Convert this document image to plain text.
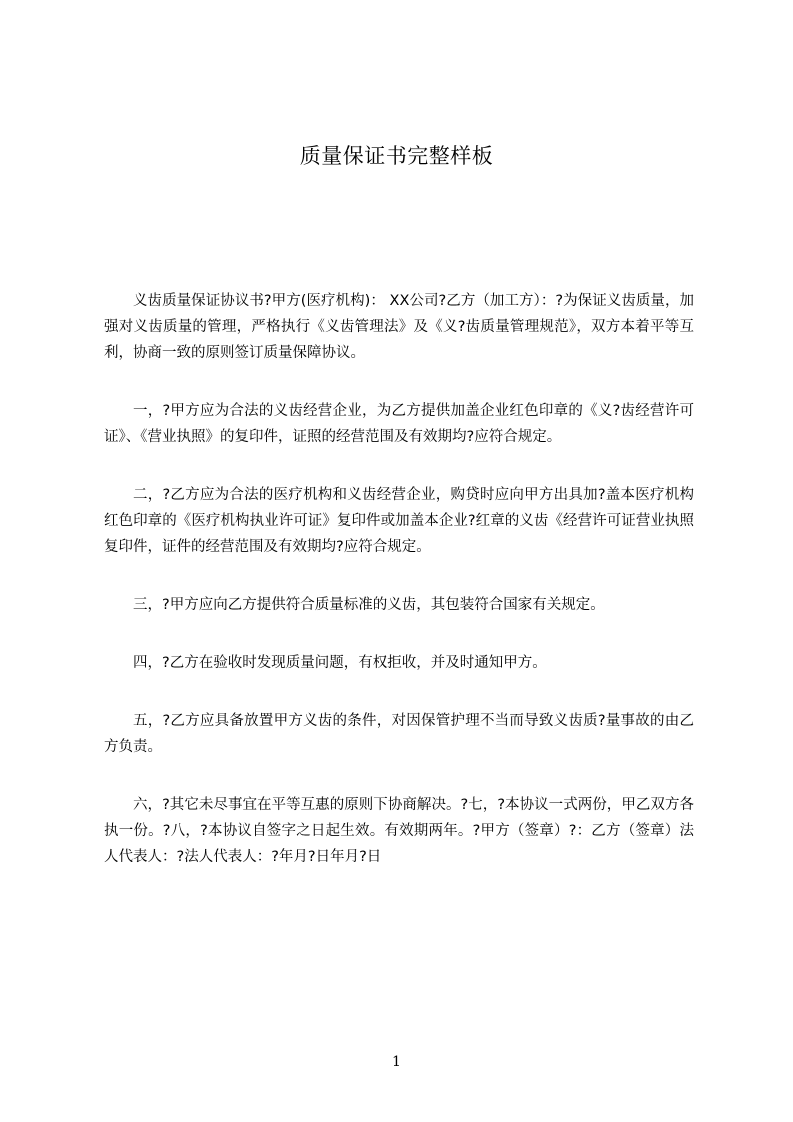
质量保证书完整样板

义齿质量保证协议书?甲方(医疗机构)： XX公司?乙方（加工方）：?为保证义齿质量，加强对义齿质量的管理，严格执行《义齿管理法》及《义?齿质量管理规范》，双方本着平等互利，协商一致的原则签订质量保障协议。

一，?甲方应为合法的义齿经营企业，为乙方提供加盖企业红色印章的《义?齿经营许可证》、《营业执照》的复印件，证照的经营范围及有效期均?应符合规定。

二，?乙方应为合法的医疗机构和义齿经营企业，购贷时应向甲方出具加?盖本医疗机构红色印章的《医疗机构执业许可证》复印件或加盖本企业?红章的义齿《经营许可证营业执照复印件，证件的经营范围及有效期均?应符合规定。

三，?甲方应向乙方提供符合质量标准的义齿，其包装符合国家有关规定。

四，?乙方在验收时发现质量问题，有权拒收，并及时通知甲方。

五，?乙方应具备放置甲方义齿的条件，对因保管护理不当而导致义齿质?量事故的由乙方负责。

六，?其它未尽事宜在平等互惠的原则下协商解决。?七，?本协议一式两份，甲乙双方各执一份。?八，?本协议自签字之日起生效。有效期两年。?甲方（签章）?：乙方（签章）法人代表人：?法人代表人：?年月?日年月?日

1
